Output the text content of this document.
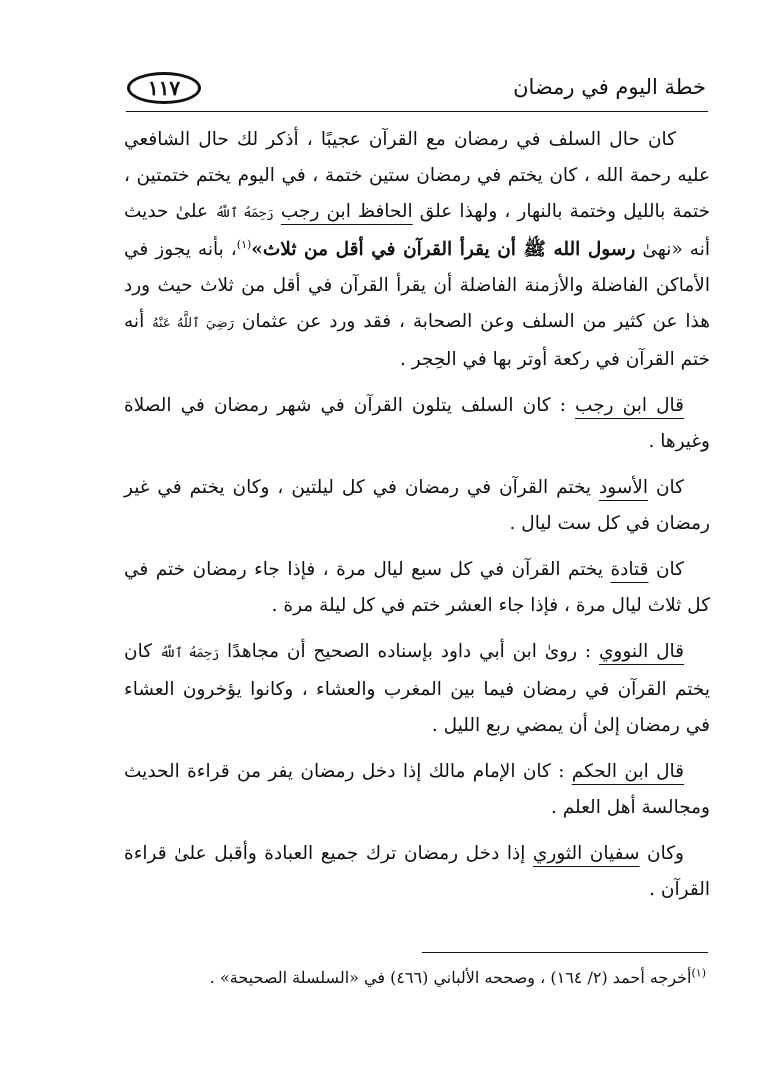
خطة اليوم في رمضان
١١٧

كان حال السلف في رمضان مع القرآن عجيبًا ، أذكر لك حال الشافعي عليه رحمة الله ، كان يختم في رمضان ستين ختمة ، في اليوم يختم ختمتين ، ختمة بالليل وختمة بالنهار ، ولهذا علق الحافظ ابن رجب رَحِمَهُ ٱللَّهُ علىٰ حديث أنه «نهىٰ رسول الله ﷺ أن يقرأ القرآن في أقل من ثلاث»$^{(١)}$، بأنه يجوز في الأماكن الفاضلة والأزمنة الفاضلة أن يقرأ القرآن في أقل من ثلاث حيث ورد هذا عن كثير من السلف وعن الصحابة ، فقد ورد عن عثمان رَضِيَ ٱللَّهُ عَنْهُ أنه ختم القرآن في ركعة أوتر بها في الحِجر .

قال ابن رجب : كان السلف يتلون القرآن في شهر رمضان في الصلاة وغيرها .

كان الأسود يختم القرآن في رمضان في كل ليلتين ، وكان يختم في غير رمضان في كل ست ليال .

كان قتادة يختم القرآن في كل سبع ليال مرة ، فإذا جاء رمضان ختم في كل ثلاث ليال مرة ، فإذا جاء العشر ختم في كل ليلة مرة .

قال النووي : روىٰ ابن أبي داود بإسناده الصحيح أن مجاهدًا رَحِمَهُ ٱللَّهُ كان يختم القرآن في رمضان فيما بين المغرب والعشاء ، وكانوا يؤخرون العشاء في رمضان إلىٰ أن يمضي ربع الليل .

قال ابن الحكم : كان الإمام مالك إذا دخل رمضان يفر من قراءة الحديث ومجالسة أهل العلم .

وكان سفيان الثوري إذا دخل رمضان ترك جميع العبادة وأقبل علىٰ قراءة القرآن .

$^{(١)}$أخرجه أحمد (٢/ ١٦٤) ، وصححه الألباني (٤٦٦) في «السلسلة الصحيحة» .
